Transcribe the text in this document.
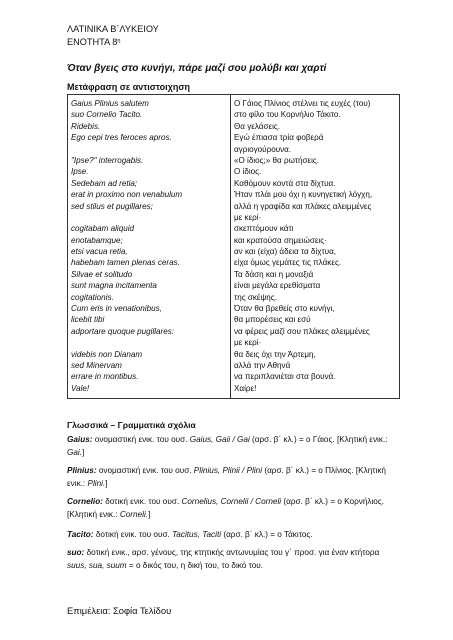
ΛΑΤΙΝΙΚΑ Β΄ΛΥΚΕΙΟΥ
ΕΝΟΤΗΤΑ $8^\eta$
Όταν βγεις στο κυνήγι, πάρε μαζί σου μολύβι και χαρτί
Μετάφραση σε αντιστοιχηση
Gaius Plinius salutem
suo Cornelio Tacito.
Ridebis.
Ego cepi tres feroces apros.
"Ipse?" interrogabis.
Ipse.
Sedebam ad retia;
erat in proximo non venabulum
sed stilus et pugillares;
cogitabam aliquid
enotabamque;
etsi vacua retia,
habebam tamen plenas ceras.
Silvae et solitudo
sunt magna incitamenta
cogitationis.
Cum eris in venationibus,
licebit tibi
adportare quoque pugillares:
videbis non Dianam
sed Minervam
errare in montibus.
Vale!

Ο Γάιος Πλίνιος στέλνει τις ευχές (του)
στο φίλο του Κορνήλιο Τάκιτο.
Θα γελάσεις.
Εγώ έπιασα τρία φοβερά
αγριογούρουνα.
«Ο ίδιος;» θα ρωτήσεις.
Ο ίδιος.
Καθόμουν κοντά στα δίχτυα.
Ήταν πλάι μου όχι η κυνηγετική λόγχη,
αλλά η γραφίδα και πλάκες αλειμμένες
με κερί·
σκεπτόμουν κάτι
και κρατούσα σημειώσεις·
αν και (είχα) άδεια τα δίχτυα,
είχα όμως γεμάτες τις πλάκες.
Τα δάση και η μοναξιά
είναι μεγάλα ερεθίσματα
της σκέψης.
Όταν θα βρεθείς στο κυνήγι,
θα μπορέσεις και εσύ
να φέρεις μαζί σου πλάκες αλειμμένες
με κερί·
θα δεις όχι την Άρτεμη,
αλλά την Αθηνά
να περιπλανιέται στα βουνά.
Χαίρε!
Γλωσσικά – Γραμματικά σχόλια
Gaius: ονομαστική ενικ. του ουσ. Gaius, Gaii / Gai (αρσ. β΄ κλ.) = ο Γάιος. [Κλητική ενικ.: Gai.]
Plinius: ονομαστική ενικ. του ουσ. Plinius, Plinii / Plini (αρσ. β΄ κλ.) = ο Πλίνιος. [Κλητική ενικ.: Plini.]
Cornelio: δοτική ενικ. του ουσ. Cornelius, Cornelii / Corneli (αρσ. β΄ κλ.) = ο Κορνήλιος. [Κλητική ενικ.: Corneli.]
Tacito: δοτική ενικ. του ουσ. Tacitus, Taciti (αρσ. β΄ κλ.) = ο Τάκιτος.
suo: δοτική ενικ., αρσ. γένους, της κτητικής αντωνυμίας του γ΄ προσ. για έναν κτήτορα suus, sua, suum = ο δικός του, η δική του, το δικό του.
Επιμέλεια: Σοφία Τελίδου
